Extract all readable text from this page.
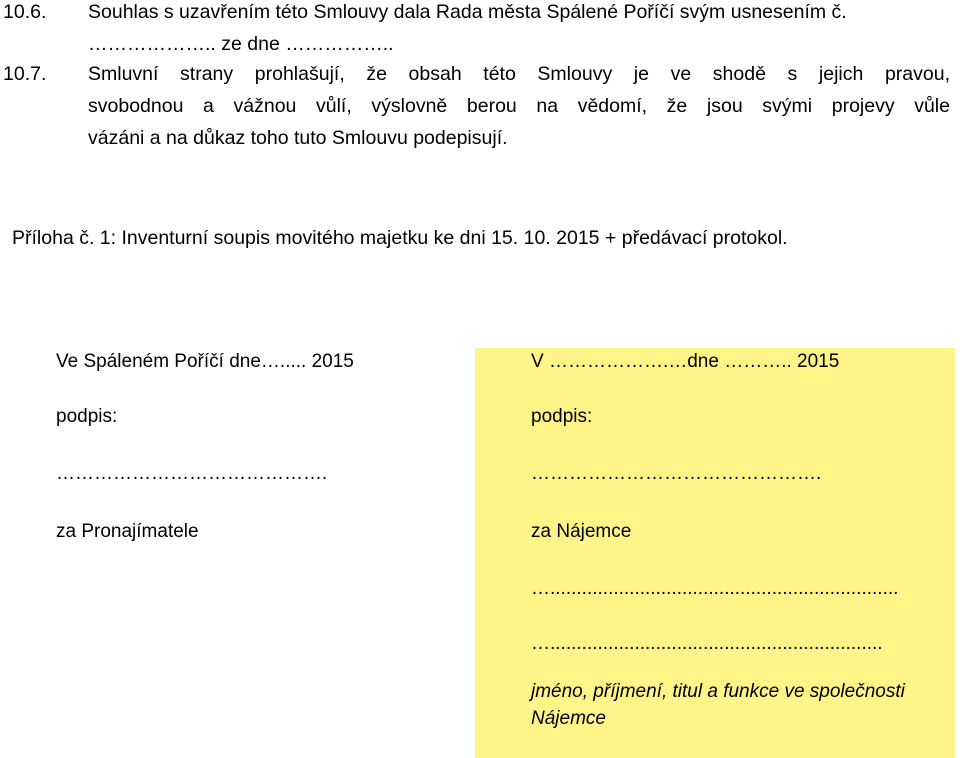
10.6. Souhlas s uzavřením této Smlouvy dala Rada města Spálené Poříčí svým usnesením č.
……………….. ze dne ……………..
10.7. Smluvní strany prohlašují, že obsah této Smlouvy je ve shodě s jejich pravou,
svobodnou a vážnou vůlí, výslovně berou na vědomí, že jsou svými projevy vůle
vázáni a na důkaz toho tuto Smlouvu podepisují.
Příloha č. 1: Inventurní soupis movitého majetku ke dni 15. 10. 2015 + předávací protokol.
Ve Spáleném Poříčí dne…..... 2015
podpis:
…………………………………….
za Pronajímatele
V ……………….…dne ……….. 2015
podpis:
……………………………………….
za Nájemce
…..................................................................
…...............................................................
jméno, příjmení, titul a funkce ve společnosti
Nájemce
